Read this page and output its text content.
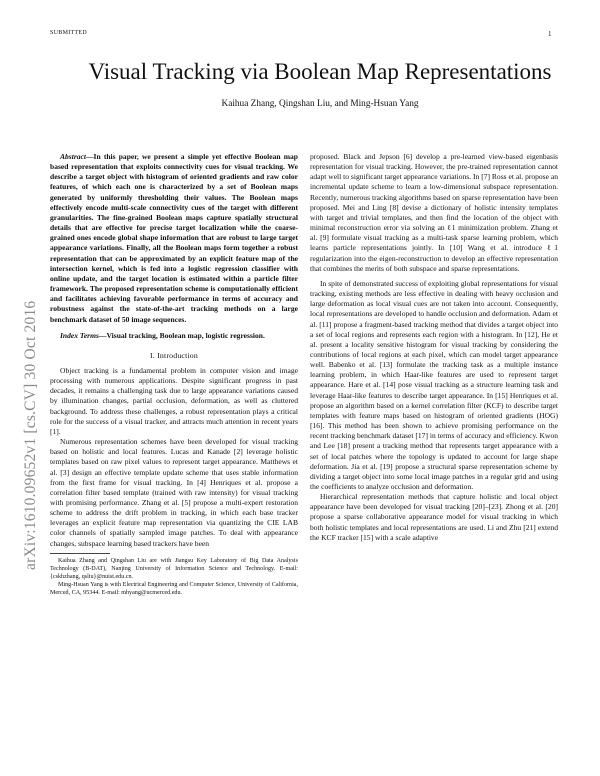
SUBMITTED	1
arXiv:1610.09652v1 [cs.CV] 30 Oct 2016
Visual Tracking via Boolean Map Representations
Kaihua Zhang, Qingshan Liu, and Ming-Hsuan Yang

Abstract—In this paper, we present a simple yet effective Boolean map based representation that exploits connectivity cues for visual tracking. We describe a target object with histogram of oriented gradients and raw color features, of which each one is characterized by a set of Boolean maps generated by uniformly thresholding their values. The Boolean maps effectively encode multi-scale connectivity cues of the target with different granularities. The fine-grained Boolean maps capture spatially structural details that are effective for precise target localization while the coarse-grained ones encode global shape information that are robust to large target appearance variations. Finally, all the Boolean maps form together a robust representation that can be approximated by an explicit feature map of the intersection kernel, which is fed into a logistic regression classifier with online update, and the target location is estimated within a particle filter framework. The proposed representation scheme is computationally efficient and facilitates achieving favorable performance in terms of accuracy and robustness against the state-of-the-art tracking methods on a large benchmark dataset of 50 image sequences.

Index Terms—Visual tracking, Boolean map, logistic regression.

I. Introduction

Object tracking is a fundamental problem in computer vision and image processing with numerous applications. Despite significant progress in past decades, it remains a challenging task due to large appearance variations caused by illumination changes, partial occlusion, deformation, as well as cluttered background. To address these challenges, a robust representation plays a critical role for the success of a visual tracker, and attracts much attention in recent years [1].

Numerous representation schemes have been developed for visual tracking based on holistic and local features. Lucas and Kanade [2] leverage holistic templates based on raw pixel values to represent target appearance. Matthews et al. [3] design an effective template update scheme that uses stable information from the first frame for visual tracking. In [4] Henriques et al. propose a correlation filter based template (trained with raw intensity) for visual tracking with promising performance. Zhang et al. [5] propose a multi-expert restoration scheme to address the drift problem in tracking, in which each base tracker leverages an explicit feature map representation via quantizing the CIE LAB color channels of spatially sampled image patches. To deal with appearance changes, subspace learning based trackers have been

Kaihua Zhang and Qingshan Liu are with Jiangsu Key Laboratory of Big Data Analysis Technology (B-DAT), Nanjing University of Information Science and Technology. E-mail: {cskhzhang, qsliu}@nuist.edu.cn.

Ming-Hsuan Yang is with Electrical Engineering and Computer Science, University of California, Merced, CA, 95344. E-mail: mhyang@ucmerced.edu.

proposed. Black and Jepson [6] develop a pre-learned view-based eigenbasis representation for visual tracking. However, the pre-trained representation cannot adapt well to significant target appearance variations. In [7] Ross et al. propose an incremental update scheme to learn a low-dimensional subspace representation. Recently, numerous tracking algorithms based on sparse representation have been proposed. Mei and Ling [8] devise a dictionary of holistic intensity templates with target and trivial templates, and then find the location of the object with minimal reconstruction error via solving an ℓ1 minimization problem. Zhang et al. [9] formulate visual tracking as a multi-task sparse learning problem, which learns particle representations jointly. In [10] Wang et al. introduce ℓ1 regularization into the eigen-reconstruction to develop an effective representation that combines the merits of both subspace and sparse representations.

In spite of demonstrated success of exploiting global representations for visual tracking, existing methods are less effective in dealing with heavy occlusion and large deformation as local visual cues are not taken into account. Consequently, local representations are developed to handle occlusion and deformation. Adam et al. [11] propose a fragment-based tracking method that divides a target object into a set of local regions and represents each region with a histogram. In [12], He et al. present a locality sensitive histogram for visual tracking by considering the contributions of local regions at each pixel, which can model target appearance well. Babenko et al. [13] formulate the tracking task as a multiple instance learning problem, in which Haar-like features are used to represent target appearance. Hare et al. [14] pose visual tracking as a structure learning task and leverage Haar-like features to describe target appearance. In [15] Henriques et al. propose an algorithm based on a kernel correlation filter (KCF) to describe target templates with feature maps based on histogram of oriented gradients (HOG) [16]. This method has been shown to achieve promising performance on the recent tracking benchmark dataset [17] in terms of accuracy and efficiency. Kwon and Lee [18] present a tracking method that represents target appearance with a set of local patches where the topology is updated to account for large shape deformation. Jia et al. [19] propose a structural sparse representation scheme by dividing a target object into some local image patches in a regular grid and using the coefficients to analyze occlusion and deformation.

Hierarchical representation methods that capture holistic and local object appearance have been developed for visual tracking [20]–[23]. Zhong et al. [20] propose a sparse collaborative appearance model for visual tracking in which both holistic templates and local representations are used. Li and Zhu [21] extend the KCF tracker [15] with a scale adaptive
